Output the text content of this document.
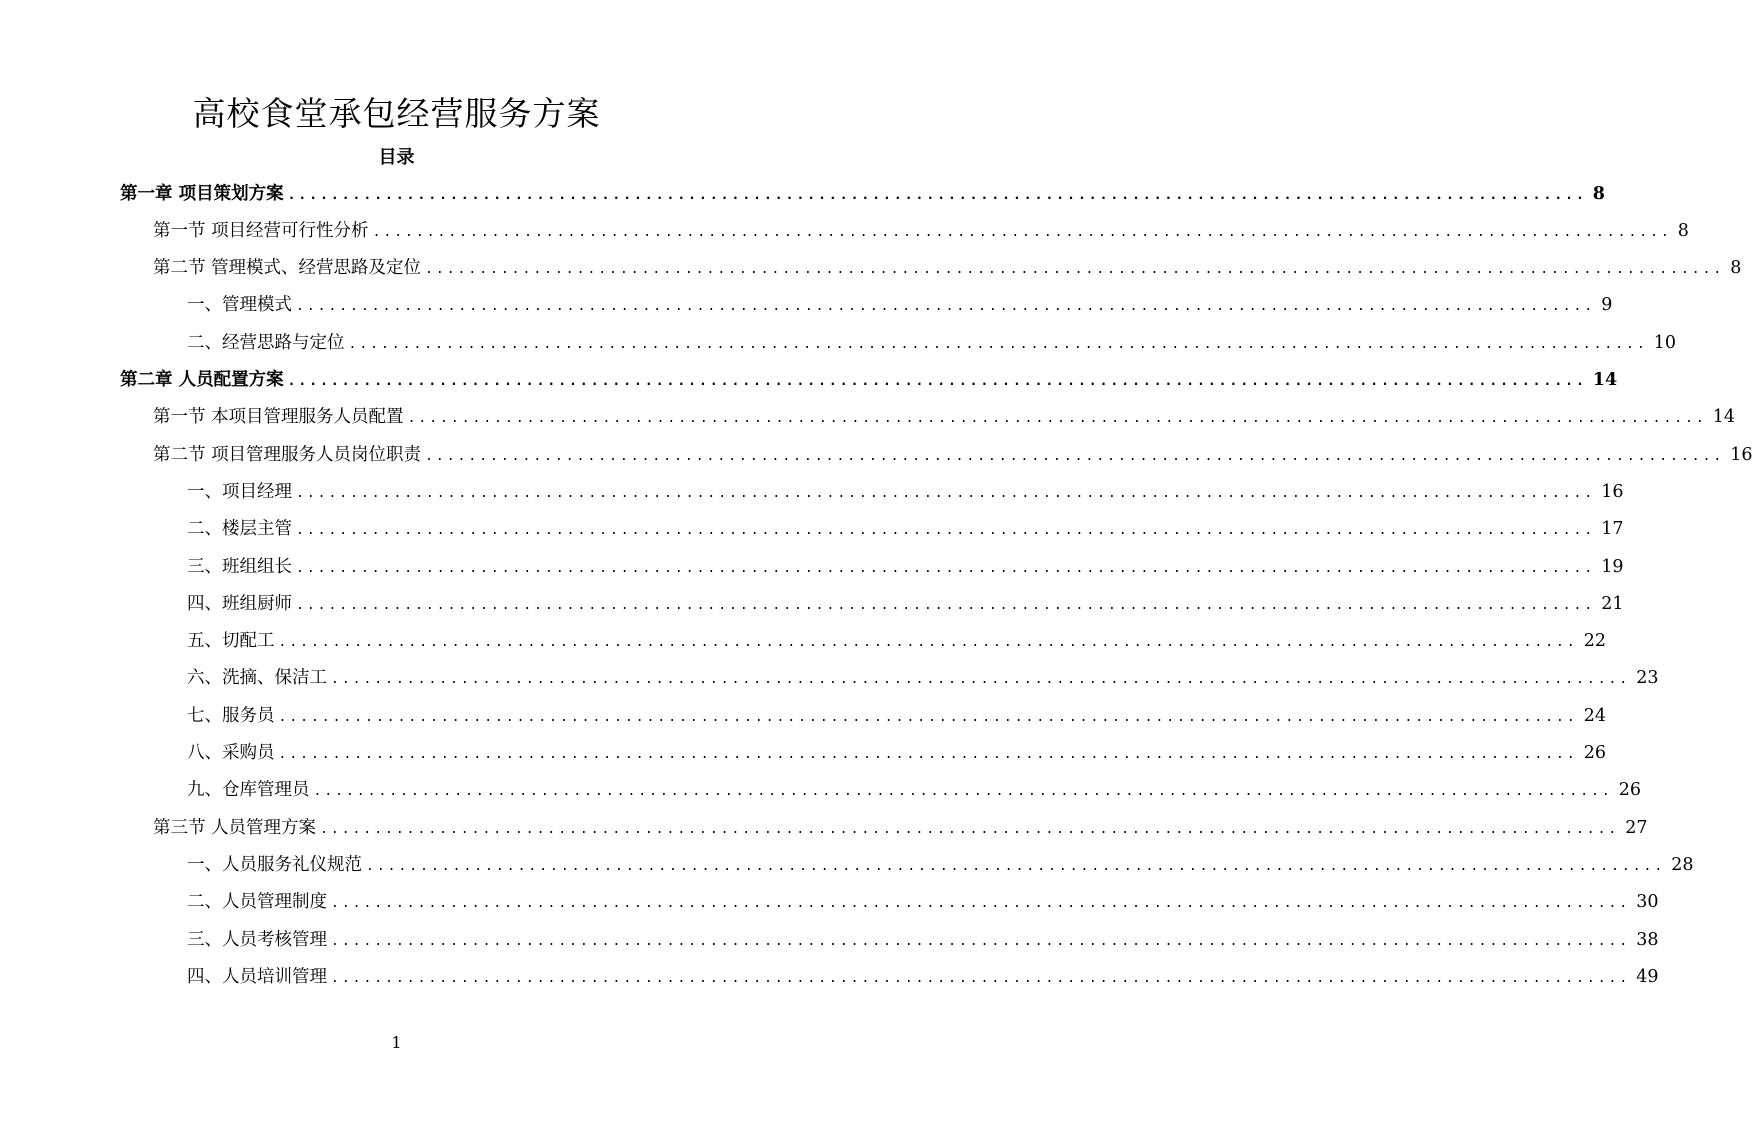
高校食堂承包经营服务方案
目录
第一章 项目策划方案 ........................................................................................................................ 8
第一节 项目经营可行性分析 ........................................................................................................................ 8
第二节 管理模式、经营思路及定位 ........................................................................................................................ 8
一、管理模式 ........................................................................................................................ 9
二、经营思路与定位 ........................................................................................................................ 10
第二章 人员配置方案 ........................................................................................................................ 14
第一节 本项目管理服务人员配置 ........................................................................................................................ 14
第二节 项目管理服务人员岗位职责 ........................................................................................................................ 16
一、项目经理 ........................................................................................................................ 16
二、楼层主管 ........................................................................................................................ 17
三、班组组长 ........................................................................................................................ 19
四、班组厨师 ........................................................................................................................ 21
五、切配工 ........................................................................................................................ 22
六、洗摘、保洁工 ........................................................................................................................ 23
七、服务员 ........................................................................................................................ 24
八、采购员 ........................................................................................................................ 26
九、仓库管理员 ........................................................................................................................ 26
第三节 人员管理方案 ........................................................................................................................ 27
一、人员服务礼仪规范 ........................................................................................................................ 28
二、人员管理制度 ........................................................................................................................ 30
三、人员考核管理 ........................................................................................................................ 38
四、人员培训管理 ........................................................................................................................ 49
1
